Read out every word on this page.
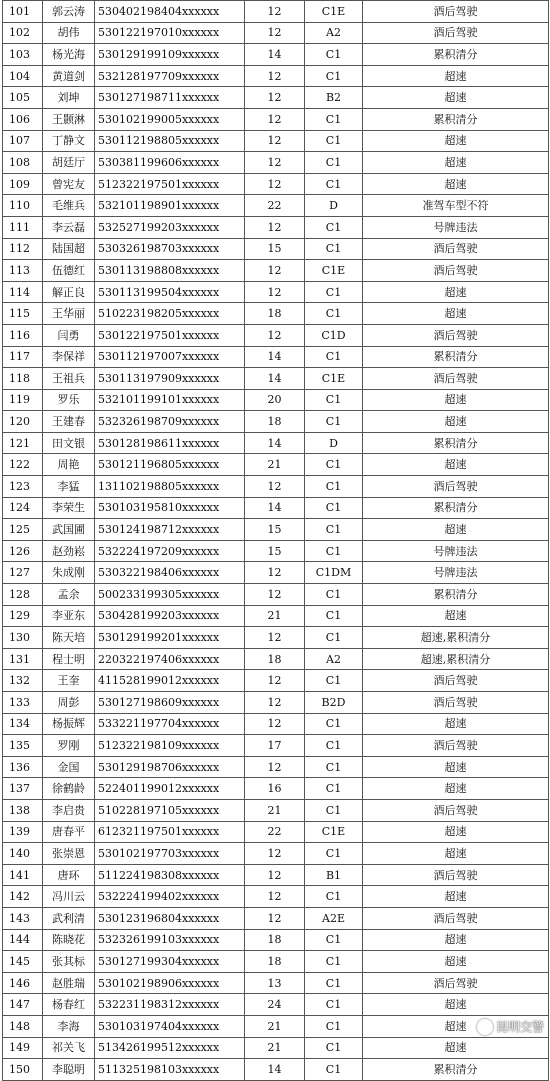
101	郭云涛	530402198404xxxxxx	12	C1E	酒后驾驶
102	胡伟	530122197010xxxxxx	12	A2	酒后驾驶
103	杨光海	530129199109xxxxxx	14	C1	累积清分
104	黄道剑	532128197709xxxxxx	12	C1	超速
105	刘坤	530127198711xxxxxx	12	B2	超速
106	王颢淋	530102199005xxxxxx	12	C1	累积清分
107	丁静文	530112198805xxxxxx	12	C1	超速
108	胡廷厅	530381199606xxxxxx	12	C1	超速
109	曾宪友	512322197501xxxxxx	12	C1	超速
110	毛维兵	532101198901xxxxxx	22	D	准驾车型不符
111	李云磊	532527199203xxxxxx	12	C1	号牌违法
112	陆国超	530326198703xxxxxx	15	C1	酒后驾驶
113	伍德红	530113198808xxxxxx	12	C1E	酒后驾驶
114	解正良	530113199504xxxxxx	12	C1	超速
115	王华丽	510223198205xxxxxx	18	C1	超速
116	闫勇	530122197501xxxxxx	12	C1D	酒后驾驶
117	李保祥	530112197007xxxxxx	14	C1	累积清分
118	王祖兵	530113197909xxxxxx	14	C1E	酒后驾驶
119	罗乐	532101199101xxxxxx	20	C1	超速
120	王建春	532326198709xxxxxx	18	C1	超速
121	田文银	530128198611xxxxxx	14	D	累积清分
122	周艳	530121196805xxxxxx	21	C1	超速
123	李猛	131102198805xxxxxx	12	C1	酒后驾驶
124	李荣生	530103195810xxxxxx	14	C1	累积清分
125	武国圃	530124198712xxxxxx	15	C1	超速
126	赵劲崧	532224197209xxxxxx	15	C1	号牌违法
127	朱成刚	530322198406xxxxxx	12	C1DM	号牌违法
128	孟余	500233199305xxxxxx	12	C1	累积清分
129	李亚东	530428199203xxxxxx	21	C1	超速
130	陈天培	530129199201xxxxxx	12	C1	超速,累积清分
131	程士明	220322197406xxxxxx	18	A2	超速,累积清分
132	王奎	411528199012xxxxxx	12	C1	酒后驾驶
133	周彭	530127198609xxxxxx	12	B2D	酒后驾驶
134	杨振辉	533221197704xxxxxx	12	C1	超速
135	罗刚	512322198109xxxxxx	17	C1	酒后驾驶
136	金国	530129198706xxxxxx	12	C1	超速
137	徐鹤龄	522401199012xxxxxx	16	C1	超速
138	李启贵	510228197105xxxxxx	21	C1	酒后驾驶
139	唐春平	612321197501xxxxxx	22	C1E	超速
140	张崇恩	530102197703xxxxxx	12	C1	超速
141	唐环	511224198308xxxxxx	12	B1	酒后驾驶
142	冯川云	532224199402xxxxxx	12	C1	超速
143	武利清	530123196804xxxxxx	12	A2E	酒后驾驶
144	陈晓花	532326199103xxxxxx	18	C1	超速
145	张其标	530127199304xxxxxx	18	C1	超速
146	赵胜瑞	530102198906xxxxxx	13	C1	酒后驾驶
147	杨春红	532231198312xxxxxx	24	C1	超速
148	李海	530103197404xxxxxx	21	C1	超速
149	祁关飞	513426199512xxxxxx	21	C1	超速
150	李聪明	511325198103xxxxxx	14	C1	累积清分
昆明交警
